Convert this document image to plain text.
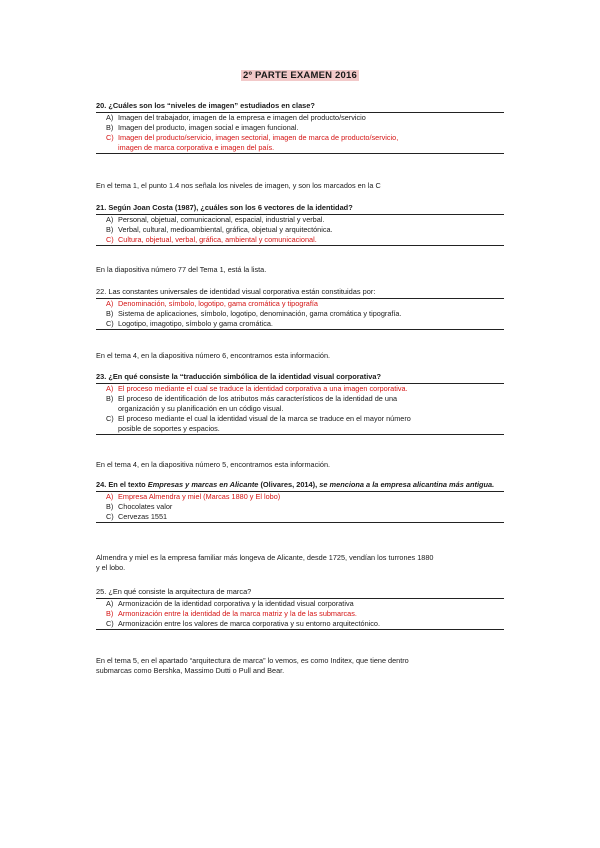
2º PARTE EXAMEN 2016
20. ¿Cuáles son los “niveles de imagen” estudiados en clase?
A) Imagen del trabajador, imagen de la empresa e imagen del producto/servicio
B) Imagen del producto, imagen social e imagen funcional.
C) Imagen del producto/servicio, imagen sectorial, imagen de marca de producto/servicio,
imagen de marca corporativa e imagen del país.
En el tema 1, el punto 1.4 nos señala los niveles de imagen, y son los marcados en la C
21. Según Joan Costa (1987), ¿cuáles son los 6 vectores de la identidad?
A) Personal, objetual, comunicacional, espacial, industrial y verbal.
B) Verbal, cultural, medioambiental, gráfica, objetual y arquitectónica.
C) Cultura, objetual, verbal, gráfica, ambiental y comunicacional.
En la diapositiva número 77 del Tema 1, está la lista.
22. Las constantes universales de identidad visual corporativa están constituidas por:
A) Denominación, símbolo, logotipo, gama cromática y tipografía
B) Sistema de aplicaciones, símbolo, logotipo, denominación, gama cromática y tipografía.
C) Logotipo, imagotipo, símbolo y gama cromática.
En el tema 4, en la diapositiva número 6, encontramos esta información.
23. ¿En qué consiste la “traducción simbólica de la identidad visual corporativa?
A) El proceso mediante el cual se traduce la identidad corporativa a una imagen corporativa.
B) El proceso de identificación de los atributos más característicos de la identidad de una
organización y su planificación en un código visual.
C) El proceso mediante el cual la identidad visual de la marca se traduce en el mayor número
posible de soportes y espacios.
En el tema 4, en la diapositiva número 5, encontramos esta información.
24. En el texto Empresas y marcas en Alicante (Olivares, 2014), se menciona a la empresa alicantina más antigua.
A) Empresa Almendra y miel (Marcas 1880 y El lobo)
B) Chocolates valor
C) Cervezas 1551
Almendra y miel es la empresa familiar más longeva de Alicante, desde 1725, vendían los turrones 1880
y el lobo.
25. ¿En qué consiste la arquitectura de marca?
A) Armonización de la identidad corporativa y la identidad visual corporativa
B) Armonización entre la identidad de la marca matriz y la de las submarcas.
C) Armonización entre los valores de marca corporativa y su entorno arquitectónico.
En el tema 5, en el apartado “arquitectura de marca” lo vemos, es como Inditex, que tiene dentro
submarcas como Bershka, Massimo Dutti o Pull and Bear.
